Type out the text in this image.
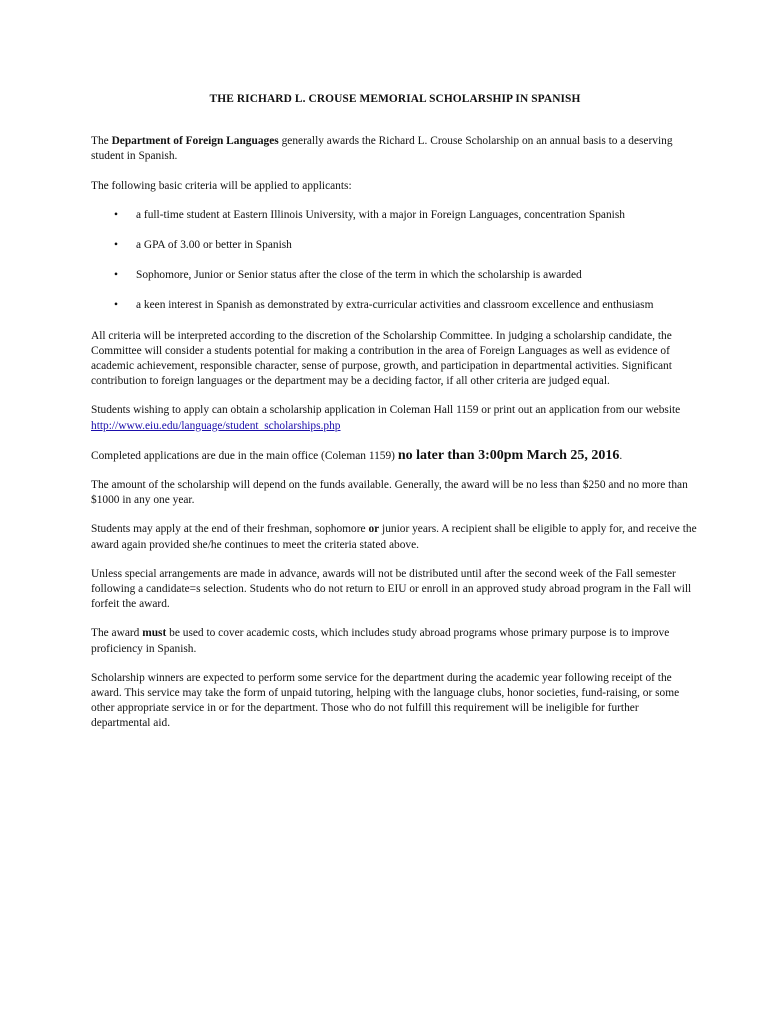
THE RICHARD L. CROUSE MEMORIAL SCHOLARSHIP IN SPANISH

The Department of Foreign Languages generally awards the Richard L. Crouse Scholarship on an annual basis to a deserving student in Spanish.

The following basic criteria will be applied to applicants:

• a full-time student at Eastern Illinois University, with a major in Foreign Languages, concentration Spanish
• a GPA of 3.00 or better in Spanish
• Sophomore, Junior or Senior status after the close of the term in which the scholarship is awarded
• a keen interest in Spanish as demonstrated by extra-curricular activities and classroom excellence and enthusiasm

All criteria will be interpreted according to the discretion of the Scholarship Committee. In judging a scholarship candidate, the Committee will consider a students potential for making a contribution in the area of Foreign Languages as well as evidence of academic achievement, responsible character, sense of purpose, growth, and participation in departmental activities. Significant contribution to foreign languages or the department may be a deciding factor, if all other criteria are judged equal.

Students wishing to apply can obtain a scholarship application in Coleman Hall 1159 or print out an application from our website http://www.eiu.edu/language/student_scholarships.php

Completed applications are due in the main office (Coleman 1159) no later than 3:00pm March 25, 2016.

The amount of the scholarship will depend on the funds available. Generally, the award will be no less than $250 and no more than $1000 in any one year.

Students may apply at the end of their freshman, sophomore or junior years. A recipient shall be eligible to apply for, and receive the award again provided she/he continues to meet the criteria stated above.

Unless special arrangements are made in advance, awards will not be distributed until after the second week of the Fall semester following a candidate=s selection. Students who do not return to EIU or enroll in an approved study abroad program in the Fall will forfeit the award.

The award must be used to cover academic costs, which includes study abroad programs whose primary purpose is to improve proficiency in Spanish.

Scholarship winners are expected to perform some service for the department during the academic year following receipt of the award. This service may take the form of unpaid tutoring, helping with the language clubs, honor societies, fund-raising, or some other appropriate service in or for the department. Those who do not fulfill this requirement will be ineligible for further departmental aid.
